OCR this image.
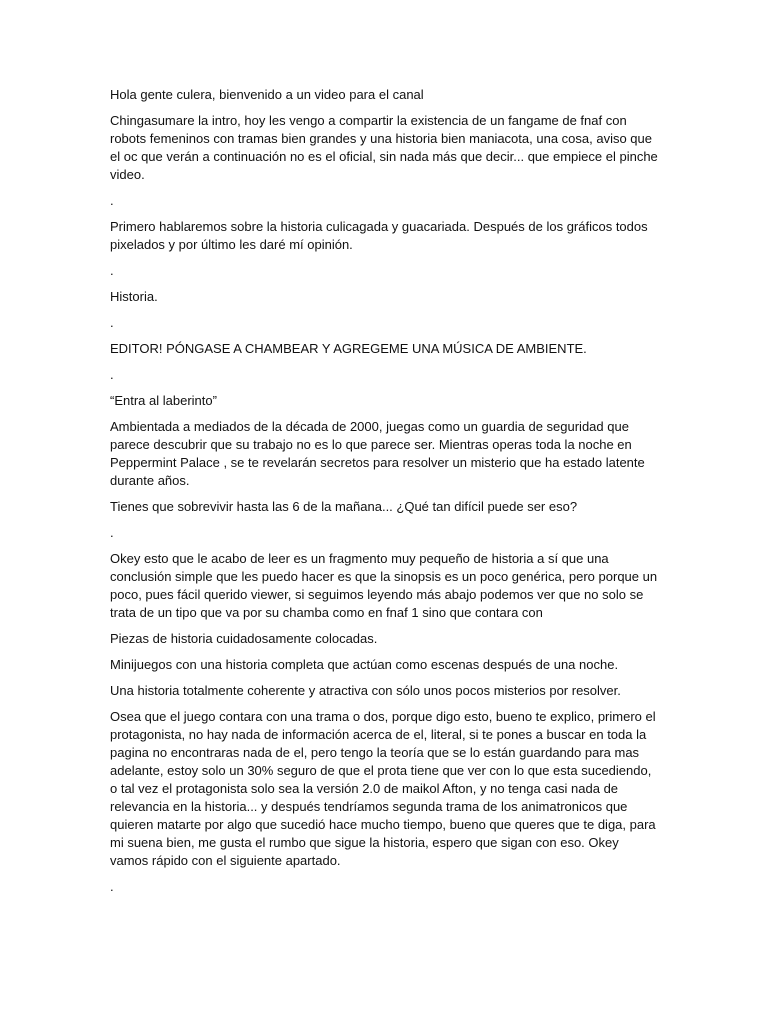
Hola gente culera, bienvenido a un video para el canal

Chingasumare la intro, hoy les vengo a compartir la existencia de un fangame de fnaf con robots femeninos con tramas bien grandes y una historia bien maniacota, una cosa, aviso que el oc que verán a continuación no es el oficial, sin nada más que decir... que empiece el pinche video.

.

Primero hablaremos sobre la historia culicagada y guacariada. Después de los gráficos todos pixelados y por último les daré mí opinión.

.

Historia.

.

EDITOR! PÓNGASE A CHAMBEAR Y AGREGEME UNA MÚSICA DE AMBIENTE.

.

“Entra al laberinto”

Ambientada a mediados de la década de 2000, juegas como un guardia de seguridad que parece descubrir que su trabajo no es lo que parece ser. Mientras operas toda la noche en Peppermint Palace , se te revelarán secretos para resolver un misterio que ha estado latente durante años.

Tienes que sobrevivir hasta las 6 de la mañana... ¿Qué tan difícil puede ser eso?

.

Okey esto que le acabo de leer es un fragmento muy pequeño de historia a sí que una conclusión simple que les puedo hacer es que la sinopsis es un poco genérica, pero porque un poco, pues fácil querido viewer, si seguimos leyendo más abajo podemos ver que no solo se trata de un tipo que va por su chamba como en fnaf 1 sino que contara con

Piezas de historia cuidadosamente colocadas.

Minijuegos con una historia completa que actúan como escenas después de una noche.

Una historia totalmente coherente y atractiva con sólo unos pocos misterios por resolver.

Osea que el juego contara con una trama o dos, porque digo esto, bueno te explico, primero el protagonista, no hay nada de información acerca de el, literal, si te pones a buscar en toda la pagina no encontraras nada de el, pero tengo la teoría que se lo están guardando para mas adelante, estoy solo un 30% seguro de que el prota tiene que ver con lo que esta sucediendo, o tal vez el protagonista solo sea la versión 2.0 de maikol Afton, y no tenga casi nada de relevancia en la historia... y después tendríamos segunda trama de los animatronicos que quieren matarte por algo que sucedió hace mucho tiempo, bueno que queres que te diga, para mi suena bien, me gusta el rumbo que sigue la historia, espero que sigan con eso. Okey vamos rápido con el siguiente apartado.

.
